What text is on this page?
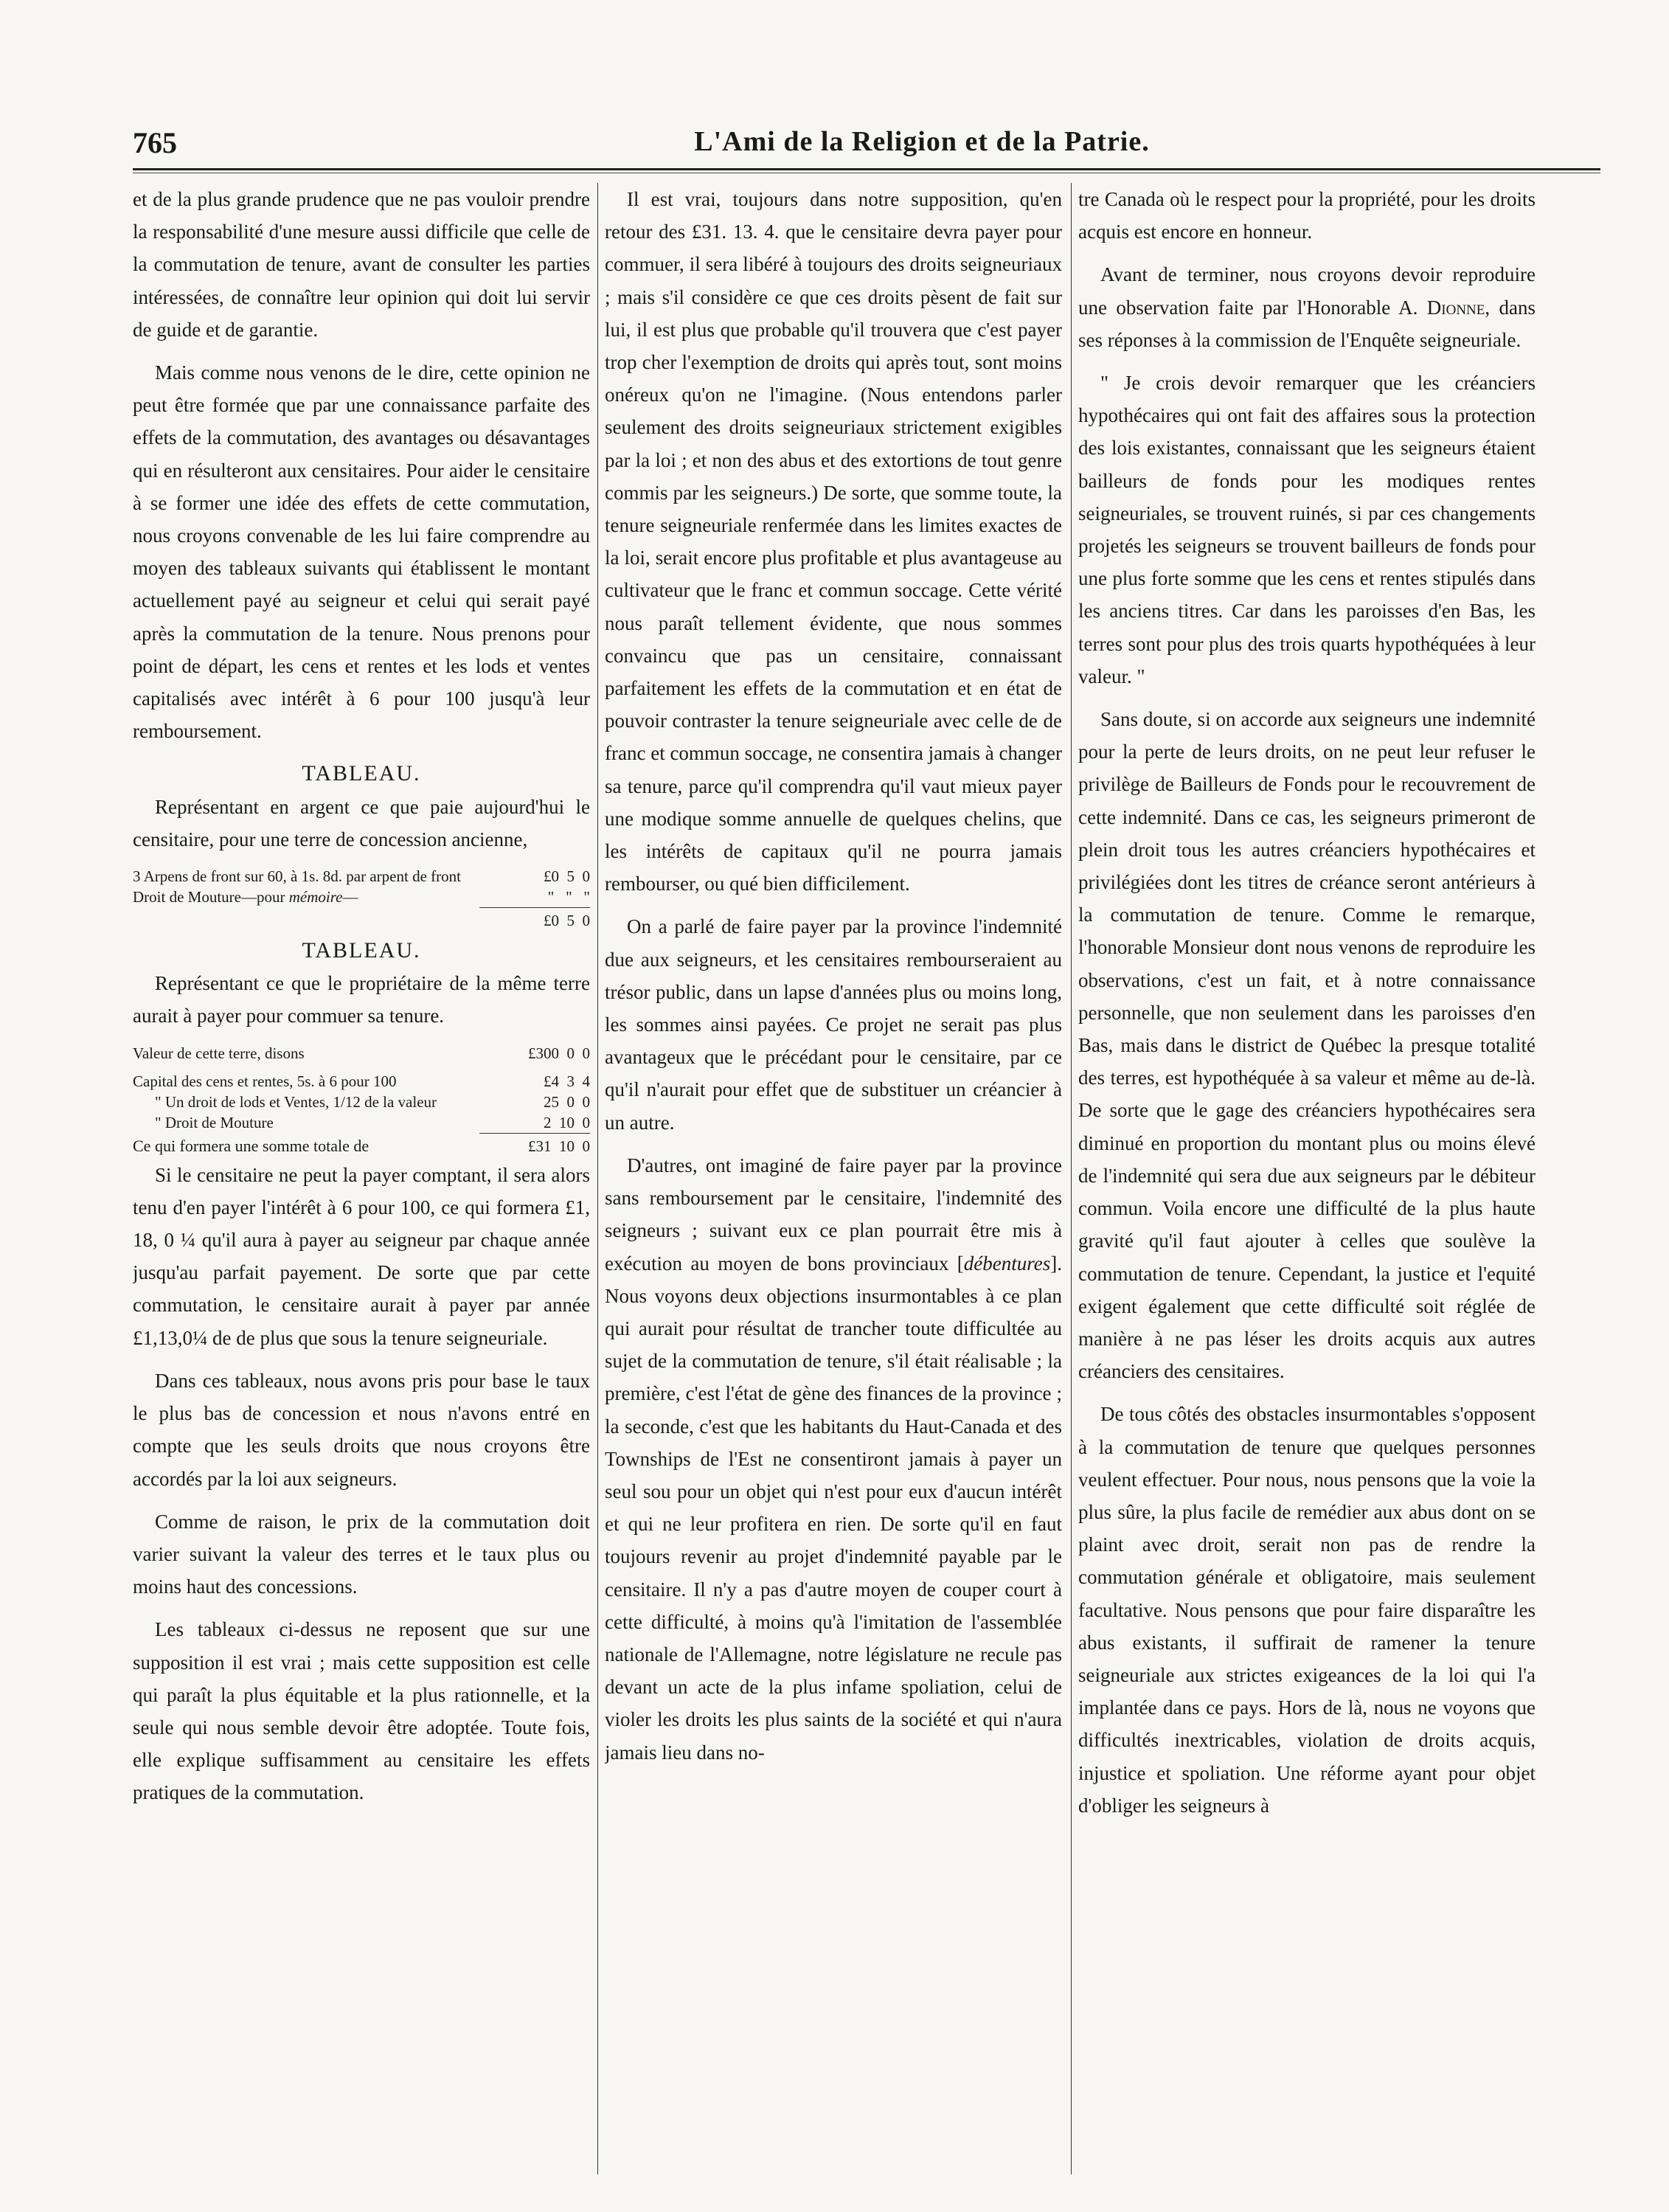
765	L'Ami de la Religion et de la Patrie.

et de la plus grande prudence que ne pas vouloir prendre la responsabilité d'une mesure aussi difficile que celle de la commutation de tenure, avant de consulter les parties intéressées, de connaître leur opinion qui doit lui servir de guide et de garantie.

Mais comme nous venons de le dire, cette opinion ne peut être formée que par une connaissance parfaite des effets de la commutation, des avantages ou désavantages qui en résulteront aux censitaires. Pour aider le censitaire à se former une idée des effets de cette commutation, nous croyons convenable de les lui faire comprendre au moyen des tableaux suivants qui établissent le montant actuellement payé au seigneur et celui qui serait payé après la commutation de la tenure. Nous prenons pour point de départ, les cens et rentes et les lods et ventes capitalisés avec intérêt à 6 pour 100 jusqu'à leur remboursement.

TABLEAU.

Représentant en argent ce que paie aujourd'hui le censitaire, pour une terre de concession ancienne,

3 Arpens de front sur 60, à 1s. 8d. par arpent de front	£0  5  0
Droit de Mouture—pour mémoire—	"   "   "
£0  5  0
TABLEAU.

Représentant ce que le propriétaire de la même terre aurait à payer pour commuer sa tenure.

Valeur de cette terre, disons	£300  0  0
Capital des cens et rentes, 5s. à 6 pour 100	£4  3  4
" Un droit de lods et Ventes, 1/12 de la valeur	25  0  0
" Droit de Mouture	2  10  0
Ce qui formera une somme totale de	£31  10  0

Si le censitaire ne peut la payer comptant, il sera alors tenu d'en payer l'intérêt à 6 pour 100, ce qui formera £1, 18, 0 ¼ qu'il aura à payer au seigneur par chaque année jusqu'au parfait payement. De sorte que par cette commutation, le censitaire aurait à payer par année £1,13,0¼ de de plus que sous la tenure seigneuriale.

Dans ces tableaux, nous avons pris pour base le taux le plus bas de concession et nous n'avons entré en compte que les seuls droits que nous croyons être accordés par la loi aux seigneurs.

Comme de raison, le prix de la commutation doit varier suivant la valeur des terres et le taux plus ou moins haut des concessions.

Les tableaux ci-dessus ne reposent que sur une supposition il est vrai ; mais cette supposition est celle qui paraît la plus équitable et la plus rationnelle, et la seule qui nous semble devoir être adoptée. Toute fois, elle explique suffisamment au censitaire les effets pratiques de la commutation.

Il est vrai, toujours dans notre supposition, qu'en retour des £31. 13. 4. que le censitaire devra payer pour commuer, il sera libéré à toujours des droits seigneuriaux ; mais s'il considère ce que ces droits pèsent de fait sur lui, il est plus que probable qu'il trouvera que c'est payer trop cher l'exemption de droits qui après tout, sont moins onéreux qu'on ne l'imagine. (Nous entendons parler seulement des droits seigneuriaux strictement exigibles par la loi ; et non des abus et des extortions de tout genre commis par les seigneurs.) De sorte, que somme toute, la tenure seigneuriale renfermée dans les limites exactes de la loi, serait encore plus profitable et plus avantageuse au cultivateur que le franc et commun soccage. Cette vérité nous paraît tellement évidente, que nous sommes convaincu que pas un censitaire, connaissant parfaitement les effets de la commutation et en état de pouvoir contraster la tenure seigneuriale avec celle de de franc et commun soccage, ne consentira jamais à changer sa tenure, parce qu'il comprendra qu'il vaut mieux payer une modique somme annuelle de quelques chelins, que les intérêts de capitaux qu'il ne pourra jamais rembourser, ou qué bien difficilement.

On a parlé de faire payer par la province l'indemnité due aux seigneurs, et les censitaires rembourseraient au trésor public, dans un lapse d'années plus ou moins long, les sommes ainsi payées. Ce projet ne serait pas plus avantageux que le précédant pour le censitaire, par ce qu'il n'aurait pour effet que de substituer un créancier à un autre.

D'autres, ont imaginé de faire payer par la province sans remboursement par le censitaire, l'indemnité des seigneurs ; suivant eux ce plan pourrait être mis à exécution au moyen de bons provinciaux [débentures]. Nous voyons deux objections insurmontables à ce plan qui aurait pour résultat de trancher toute difficultée au sujet de la commutation de tenure, s'il était réalisable ; la première, c'est l'état de gène des finances de la province ; la seconde, c'est que les habitants du Haut-Canada et des Townships de l'Est ne consentiront jamais à payer un seul sou pour un objet qui n'est pour eux d'aucun intérêt et qui ne leur profitera en rien. De sorte qu'il en faut toujours revenir au projet d'indemnité payable par le censitaire. Il n'y a pas d'autre moyen de couper court à cette difficulté, à moins qu'à l'imitation de l'assemblée nationale de l'Allemagne, notre législature ne recule pas devant un acte de la plus infame spoliation, celui de violer les droits les plus saints de la société et qui n'aura jamais lieu dans no-

tre Canada où le respect pour la propriété, pour les droits acquis est encore en honneur.

Avant de terminer, nous croyons devoir reproduire une observation faite par l'Honorable A. Dionne, dans ses réponses à la commission de l'Enquête seigneuriale.

" Je crois devoir remarquer que les créanciers hypothécaires qui ont fait des affaires sous la protection des lois existantes, connaissant que les seigneurs étaient bailleurs de fonds pour les modiques rentes seigneuriales, se trouvent ruinés, si par ces changements projetés les seigneurs se trouvent bailleurs de fonds pour une plus forte somme que les cens et rentes stipulés dans les anciens titres. Car dans les paroisses d'en Bas, les terres sont pour plus des trois quarts hypothéquées à leur valeur. "

Sans doute, si on accorde aux seigneurs une indemnité pour la perte de leurs droits, on ne peut leur refuser le privilège de Bailleurs de Fonds pour le recouvrement de cette indemnité. Dans ce cas, les seigneurs primeront de plein droit tous les autres créanciers hypothécaires et privilégiées dont les titres de créance seront antérieurs à la commutation de tenure. Comme le remarque, l'honorable Monsieur dont nous venons de reproduire les observations, c'est un fait, et à notre connaissance personnelle, que non seulement dans les paroisses d'en Bas, mais dans le district de Québec la presque totalité des terres, est hypothéquée à sa valeur et même au de-là. De sorte que le gage des créanciers hypothécaires sera diminué en proportion du montant plus ou moins élevé de l'indemnité qui sera due aux seigneurs par le débiteur commun. Voila encore une difficulté de la plus haute gravité qu'il faut ajouter à celles que soulève la commutation de tenure. Cependant, la justice et l'equité exigent également que cette difficulté soit réglée de manière à ne pas léser les droits acquis aux autres créanciers des censitaires.

De tous côtés des obstacles insurmontables s'opposent à la commutation de tenure que quelques personnes veulent effectuer. Pour nous, nous pensons que la voie la plus sûre, la plus facile de remédier aux abus dont on se plaint avec droit, serait non pas de rendre la commutation générale et obligatoire, mais seulement facultative. Nous pensons que pour faire disparaître les abus existants, il suffirait de ramener la tenure seigneuriale aux strictes exigeances de la loi qui l'a implantée dans ce pays. Hors de là, nous ne voyons que difficultés inextricables, violation de droits acquis, injustice et spoliation. Une réforme ayant pour objet d'obliger les seigneurs à
